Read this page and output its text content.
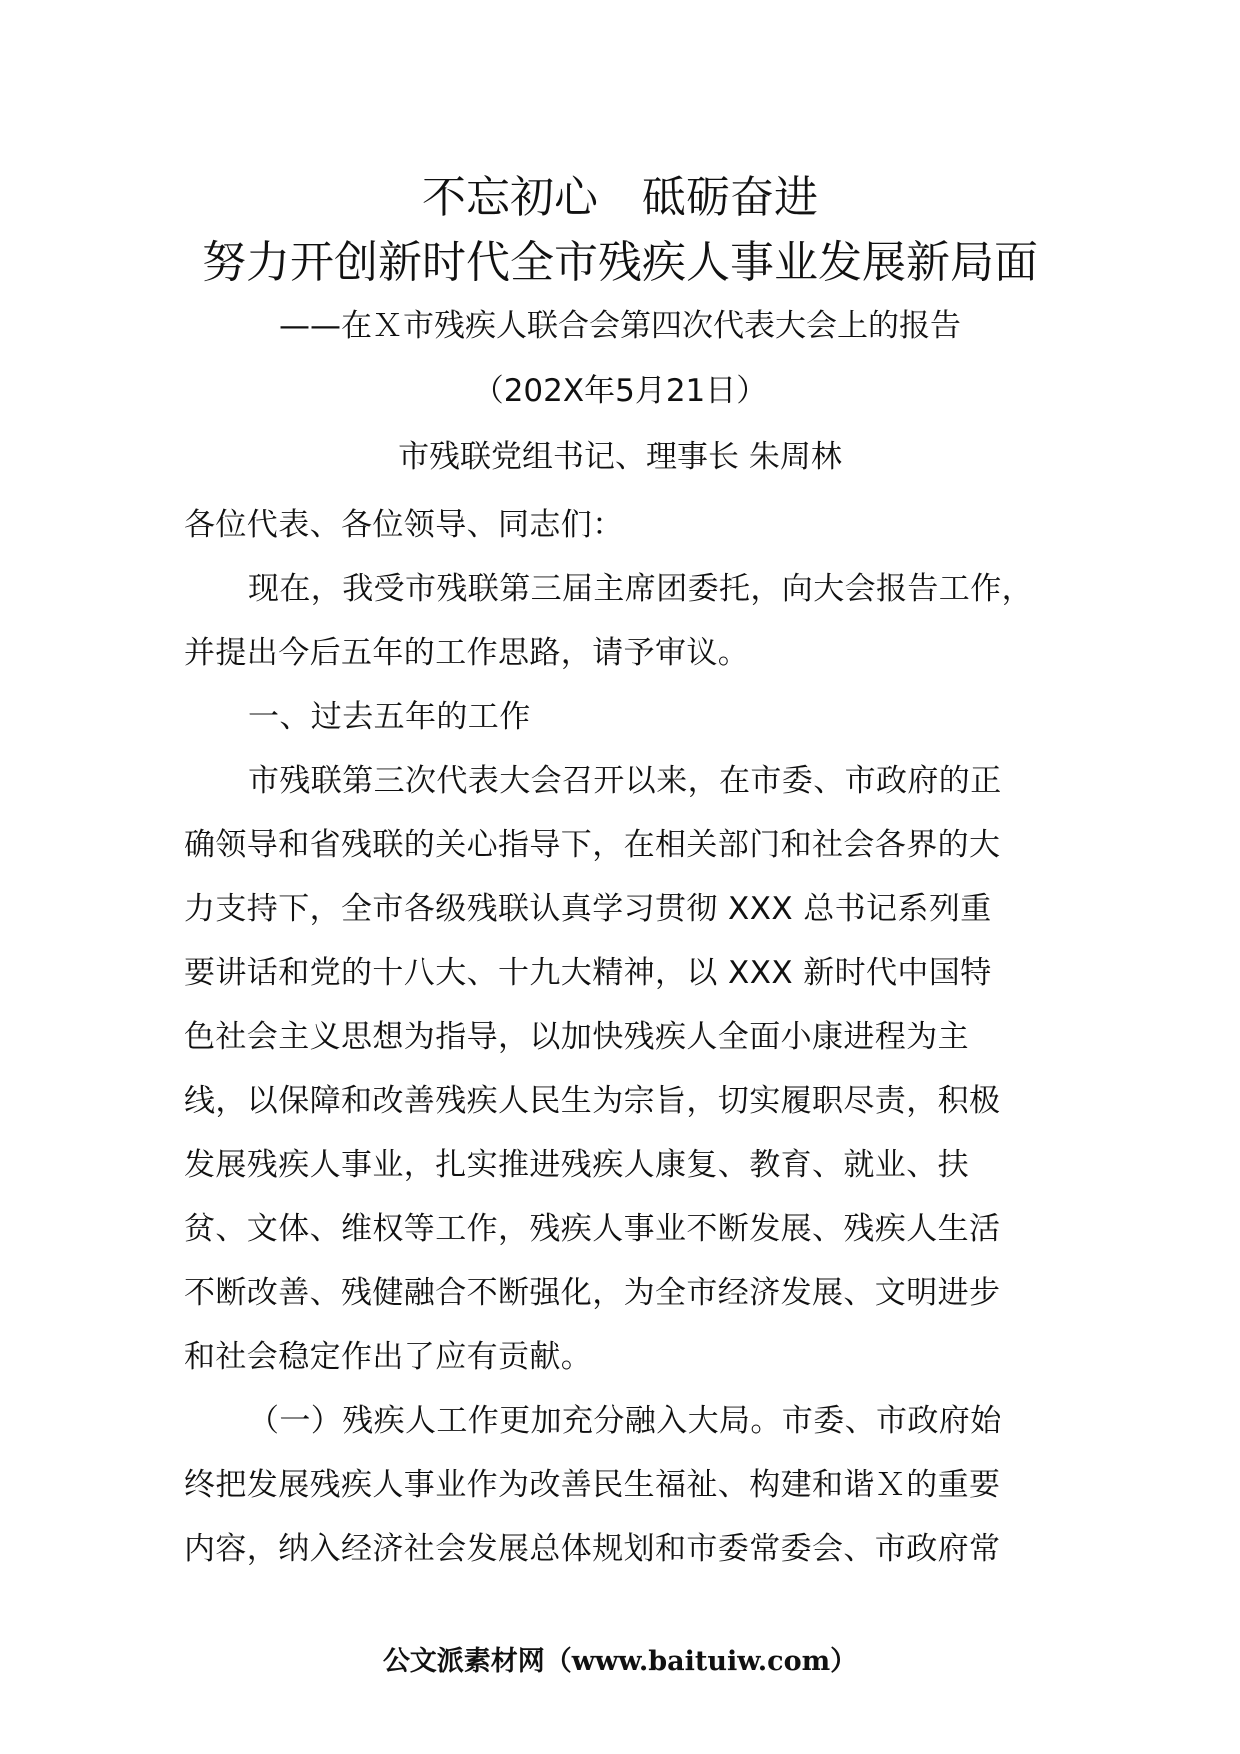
不忘初心　砥砺奋进
努力开创新时代全市残疾人事业发展新局面
——在Ｘ市残疾人联合会第四次代表大会上的报告
（202X年5月21日）
市残联党组书记、理事长 朱周林
各位代表、各位领导、同志们：
现在，我受市残联第三届主席团委托，向大会报告工作，
并提出今后五年的工作思路，请予审议。
一、过去五年的工作
市残联第三次代表大会召开以来，在市委、市政府的正
确领导和省残联的关心指导下，在相关部门和社会各界的大
力支持下，全市各级残联认真学习贯彻 XXX 总书记系列重
要讲话和党的十八大、十九大精神，以 XXX 新时代中国特
色社会主义思想为指导，以加快残疾人全面小康进程为主
线，以保障和改善残疾人民生为宗旨，切实履职尽责，积极
发展残疾人事业，扎实推进残疾人康复、教育、就业、扶
贫、文体、维权等工作，残疾人事业不断发展、残疾人生活
不断改善、残健融合不断强化，为全市经济发展、文明进步
和社会稳定作出了应有贡献。
（一）残疾人工作更加充分融入大局。市委、市政府始
终把发展残疾人事业作为改善民生福祉、构建和谐Ｘ的重要
内容，纳入经济社会发展总体规划和市委常委会、市政府常
公文派素材网（www.baituiw.com）
